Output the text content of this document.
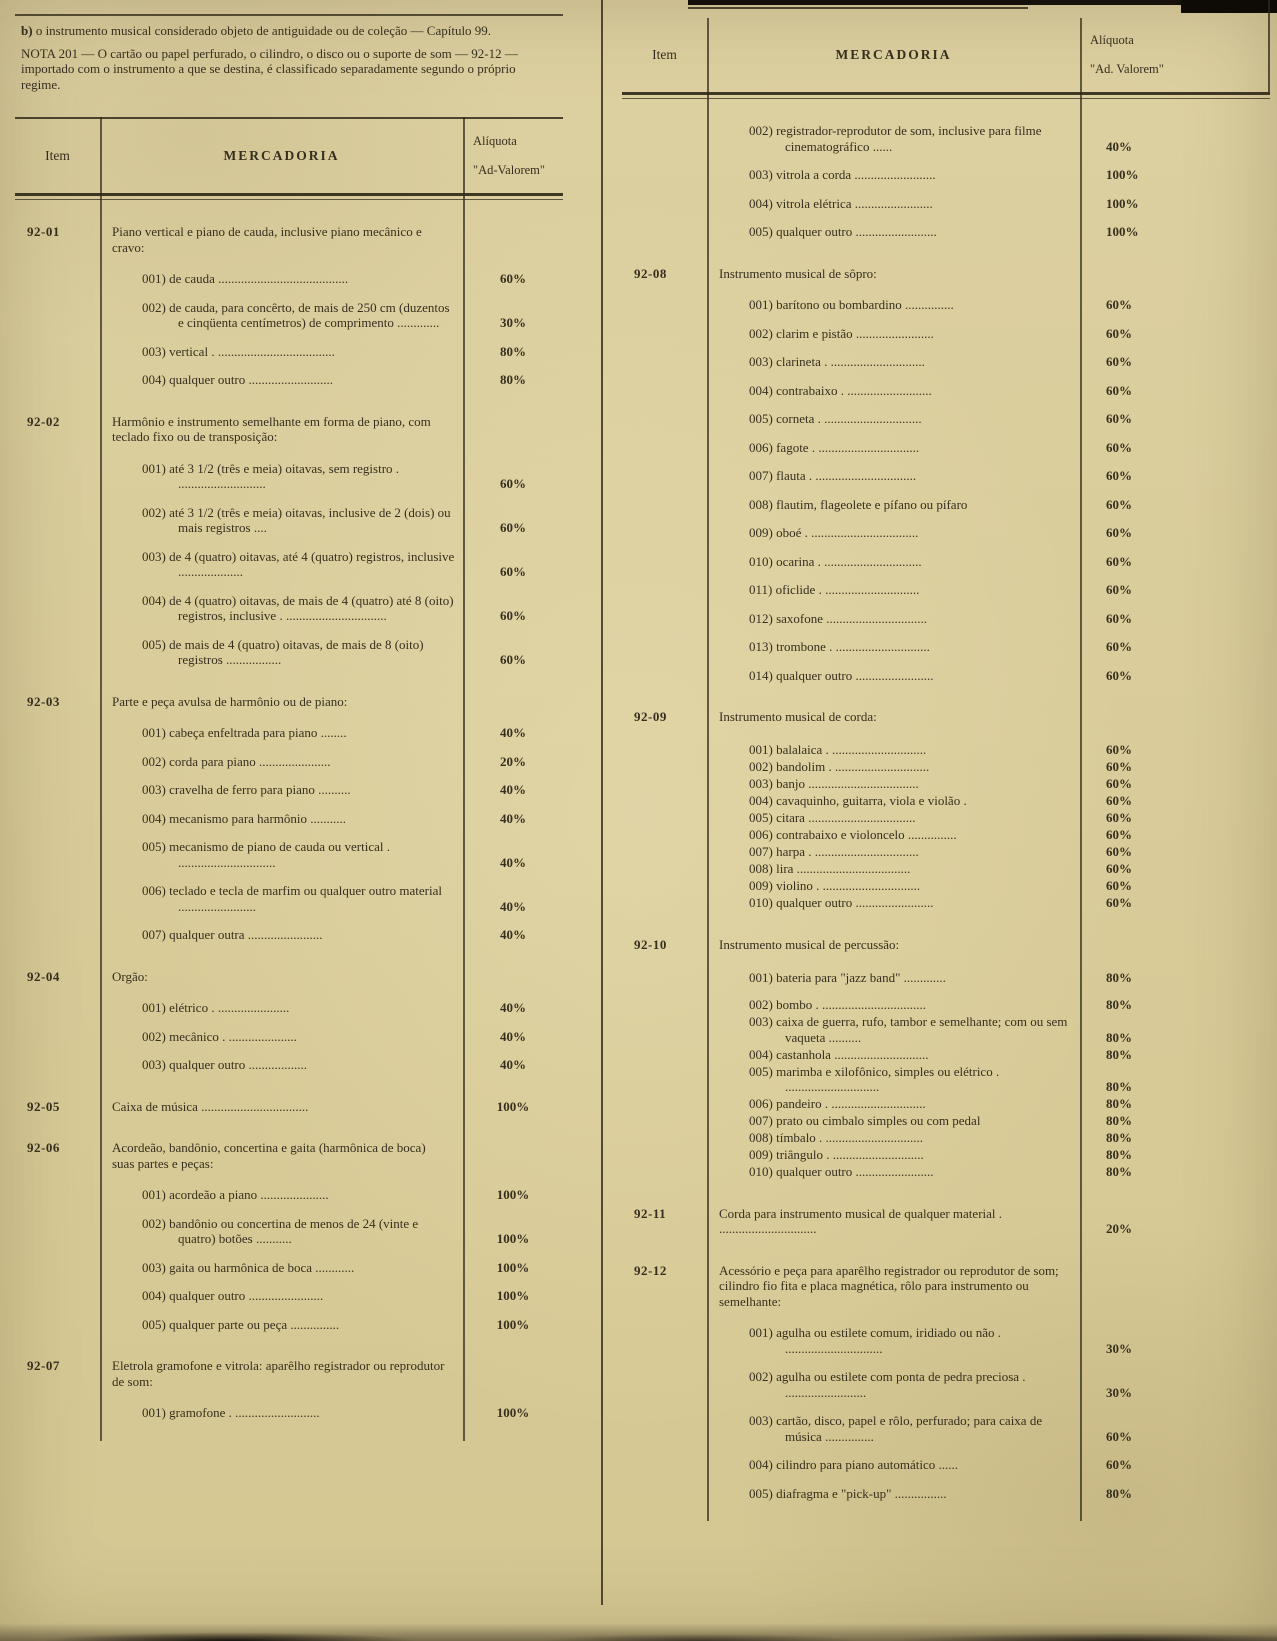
b) o instrumento musical considerado objeto de antiguidade ou de coleção — Capítulo 99.

NOTA 201 — O cartão ou papel perfurado, o cilindro, o disco ou o suporte de som — 92-12 — importado com o instrumento a que se destina, é classificado separadamente segundo o próprio regime.

Item	MERCADORIA
Alíquota
"Ad-Valorem"
92-01	Piano vertical e piano de cauda, inclusive piano mecânico e cravo:
001) de cauda ........................................	60%
002) de cauda, para concêrto, de mais de 250 cm (duzentos e cinqüenta centímetros) de comprimento .............	30%
003) vertical . ....................................	80%
004) qualquer outro ..........................	80%
92-02	Harmônio e instrumento semelhante em forma de piano, com teclado fixo ou de transposição:
001) até 3 1/2 (três e meia) oitavas, sem registro . ...........................	60%
002) até 3 1/2 (três e meia) oitavas, inclusive de 2 (dois) ou mais registros ....	60%
003) de 4 (quatro) oitavas, até 4 (quatro) registros, inclusive ....................	60%
004) de 4 (quatro) oitavas, de mais de 4 (quatro) até 8 (oito) registros, inclusive . ...............................	60%
005) de mais de 4 (quatro) oitavas, de mais de 8 (oito) registros .................	60%
92-03	Parte e peça avulsa de harmônio ou de piano:
001) cabeça enfeltrada para piano ........	40%
002) corda para piano ......................	20%
003) cravelha de ferro para piano ..........	40%
004) mecanismo para harmônio ...........	40%
005) mecanismo de piano de cauda ou vertical . ..............................	40%
006) teclado e tecla de marfim ou qualquer outro material ........................	40%
007) qualquer outra .......................	40%
92-04	Orgão:
001) elétrico . ......................	40%
002) mecânico . .....................	40%
003) qualquer outro ..................	40%
92-05	Caixa de música .................................	100%
92-06	Acordeão, bandônio, concertina e gaita (harmônica de boca) suas partes e peças:
001) acordeão a piano .....................	100%
002) bandônio ou concertina de menos de 24 (vinte e quatro) botões ...........	100%
003) gaita ou harmônica de boca ............	100%
004) qualquer outro .......................	100%
005) qualquer parte ou peça ...............	100%
92-07	Eletrola gramofone e vitrola: aparêlho registrador ou reprodutor de som:
001) gramofone . ..........................	100%
Item	MERCADORIA
Alíquota
"Ad. Valorem"
002) registrador-reprodutor de som, inclusive para filme cinematográfico ......	40%
003) vitrola a corda .........................	100%
004) vitrola elétrica ........................	100%
005) qualquer outro .........................	100%
92-08	Instrumento musical de sôpro:
001) barítono ou bombardino ...............	60%
002) clarim e pistão ........................	60%
003) clarineta . .............................	60%
004) contrabaixo . ..........................	60%
005) corneta . ..............................	60%
006) fagote . ...............................	60%
007) flauta . ...............................	60%
008) flautim, flageolete e pífano ou pífaro	60%
009) oboé . .................................	60%
010) ocarina . ..............................	60%
011) oficlide . .............................	60%
012) saxofone ...............................	60%
013) trombone . .............................	60%
014) qualquer outro ........................	60%
92-09	Instrumento musical de corda:
001) balalaica . .............................	60%
002) bandolim . .............................	60%
003) banjo ..................................	60%
004) cavaquinho, guitarra, viola e violão .	60%
005) citara .................................	60%
006) contrabaixo e violoncelo ...............	60%
007) harpa . ................................	60%
008) lira ...................................	60%
009) violino . ..............................	60%
010) qualquer outro ........................	60%
92-10	Instrumento musical de percussão:
001) bateria para "jazz band" .............	80%
002) bombo . ................................	80%
003) caixa de guerra, rufo, tambor e semelhante; com ou sem vaqueta ..........	80%
004) castanhola .............................	80%
005) marimba e xilofônico, simples ou elétrico . .............................	80%
006) pandeiro . .............................	80%
007) prato ou cimbalo simples ou com pedal	80%
008) tímbalo . ..............................	80%
009) triângulo . ............................	80%
010) qualquer outro ........................	80%
92-11	Corda para instrumento musical de qualquer material . ..............................	20%
92-12	Acessório e peça para aparêlho registrador ou reprodutor de som; cilindro fio fita e placa magnética, rôlo para instrumento ou semelhante:
001) agulha ou estilete comum, iridiado ou não . ..............................	30%
002) agulha ou estilete com ponta de pedra preciosa . .........................	30%
003) cartão, disco, papel e rôlo, perfurado; para caixa de música ...............	60%
004) cilindro para piano automático ......	60%
005) diafragma e "pick-up" ................	80%
